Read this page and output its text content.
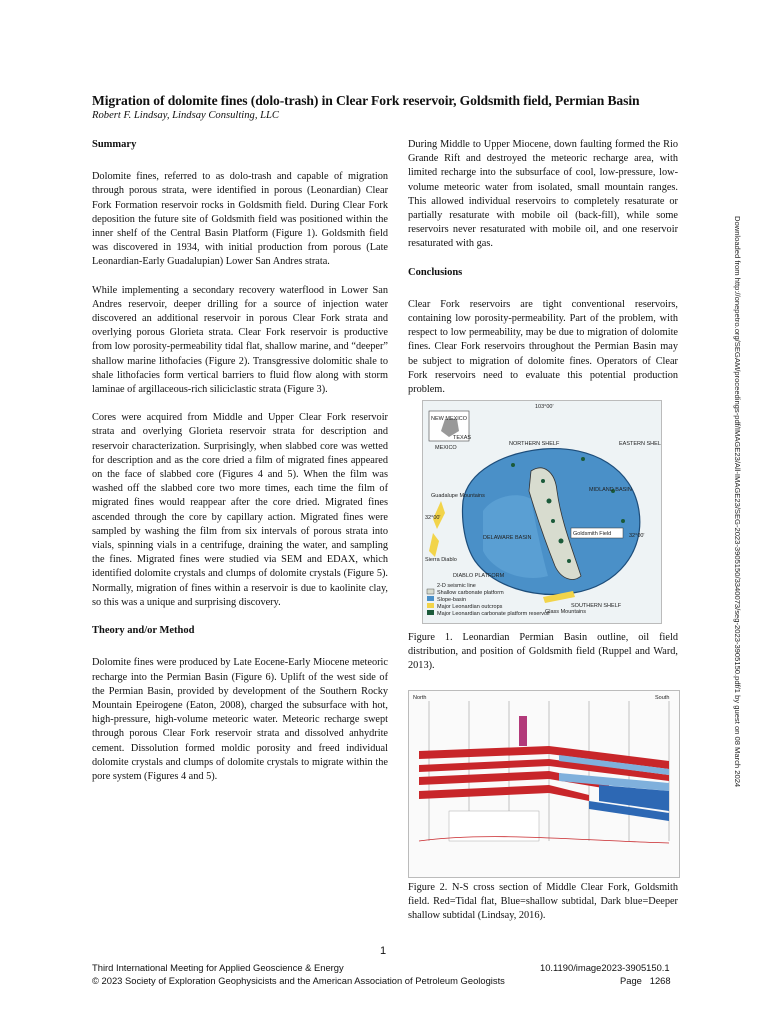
Migration of dolomite fines (dolo-trash) in Clear Fork reservoir, Goldsmith field, Permian Basin
Robert F. Lindsay, Lindsay Consulting, LLC
Summary

Dolomite fines, referred to as dolo-trash and capable of migration through porous strata, were identified in porous (Leonardian) Clear Fork Formation reservoir rocks in Goldsmith field. During Clear Fork deposition the future site of Goldsmith field was positioned within the inner shelf of the Central Basin Platform (Figure 1). Goldsmith field was discovered in 1934, with initial production from porous (Late Leonardian-Early Guadalupian) Lower San Andres strata.

While implementing a secondary recovery waterflood in Lower San Andres reservoir, deeper drilling for a source of injection water discovered an additional reservoir in porous Clear Fork strata and overlying porous Glorieta strata. Clear Fork reservoir is productive from low porosity-permeability tidal flat, shallow marine, and “deeper” shallow marine lithofacies (Figure 2). Transgressive dolomitic shale to shale lithofacies form vertical barriers to fluid flow along with storm laminae of argillaceous-rich siliciclastic strata (Figure 3).

Cores were acquired from Middle and Upper Clear Fork reservoir strata and overlying Glorieta reservoir strata for description and reservoir characterization. Surprisingly, when slabbed core was wetted for description and as the core dried a film of migrated fines appeared on the face of slabbed core (Figures 4 and 5). When the film was washed off the slabbed core two more times, each time the film of migrated fines would reappear after the core dried. Migrated fines ascended through the core by capillary action. Migrated fines were sampled by washing the film from six intervals of porous strata into vials, spinning vials in a centrifuge, draining the water, and sampling the fines. Migrated fines were studied via SEM and EDAX, which identified dolomite crystals and clumps of dolomite crystals (Figure 5). Normally, migration of fines within a reservoir is due to kaolinite clay, so this was a unique and surprising discovery.

Theory and/or Method

Dolomite fines were produced by Late Eocene-Early Miocene meteoric recharge into the Permian Basin (Figure 6). Uplift of the west side of the Permian Basin, provided by development of the Southern Rocky Mountain Epeirogene (Eaton, 2008), charged the subsurface with hot, high-pressure, high-volume meteoric water. Meteoric recharge swept through porous Clear Fork reservoir strata and dissolved anhydrite cement. Dissolution formed moldic porosity and freed individual dolomite crystals and clumps of dolomite crystals to migrate within the pore system (Figures 4 and 5).

During Middle to Upper Miocene, down faulting formed the Rio Grande Rift and destroyed the meteoric recharge area, with limited recharge into the subsurface of cool, low-pressure, low-volume meteoric water from isolated, small mountain ranges. This allowed individual reservoirs to completely resaturate or partially resaturate with mobile oil (back-fill), while some reservoirs never resaturated with mobile oil, and one reservoir resaturated with gas.

Conclusions

Clear Fork reservoirs are tight conventional reservoirs, containing low porosity-permeability. Part of the problem, with respect to low permeability, may be due to migration of dolomite fines. Clear Fork reservoirs throughout the Permian Basin may be subject to migration of dolomite fines. Operators of Clear Fork reservoirs need to evaluate this potential production problem.

Goldsmith Field
103°00'
32°00'
32°00'
NEW MEXICO
TEXAS
MEXICO
NORTHERN SHELF	EASTERN SHELF
MIDLAND BASIN
DELAWARE BASIN
Guadalupe Mountains
DIABLO PLATFORM
SOUTHERN SHELF
Glass Mountains
Sierra Diablo
2-D seismic line
Shallow carbonate platform
Slope-basin
Major Leonardian outcrops
Major Leonardian carbonate platform reservoir
Figure 1. Leonardian Permian Basin outline, oil field distribution, and position of Goldsmith field (Ruppel and Ward, 2013).
North	South
Figure 2. N-S cross section of Middle Clear Fork, Goldsmith field. Red=Tidal flat, Blue=shallow subtidal, Dark blue=Deeper shallow subtidal (Lindsay, 2016).
Downloaded from http://onepetro.org/SEGAM/proceedings-pdf/IMAGE23/All-IMAGE23/SEG-2023-3905150/3340073/seg-2023-3905150.pdf/1 by guest on 08 March 2024
1
Third International Meeting for Applied Geoscience & Energy
© 2023 Society of Exploration Geophysicists and the American Association of Petroleum Geologists
10.1190/image2023-3905150.1
Page 1268
